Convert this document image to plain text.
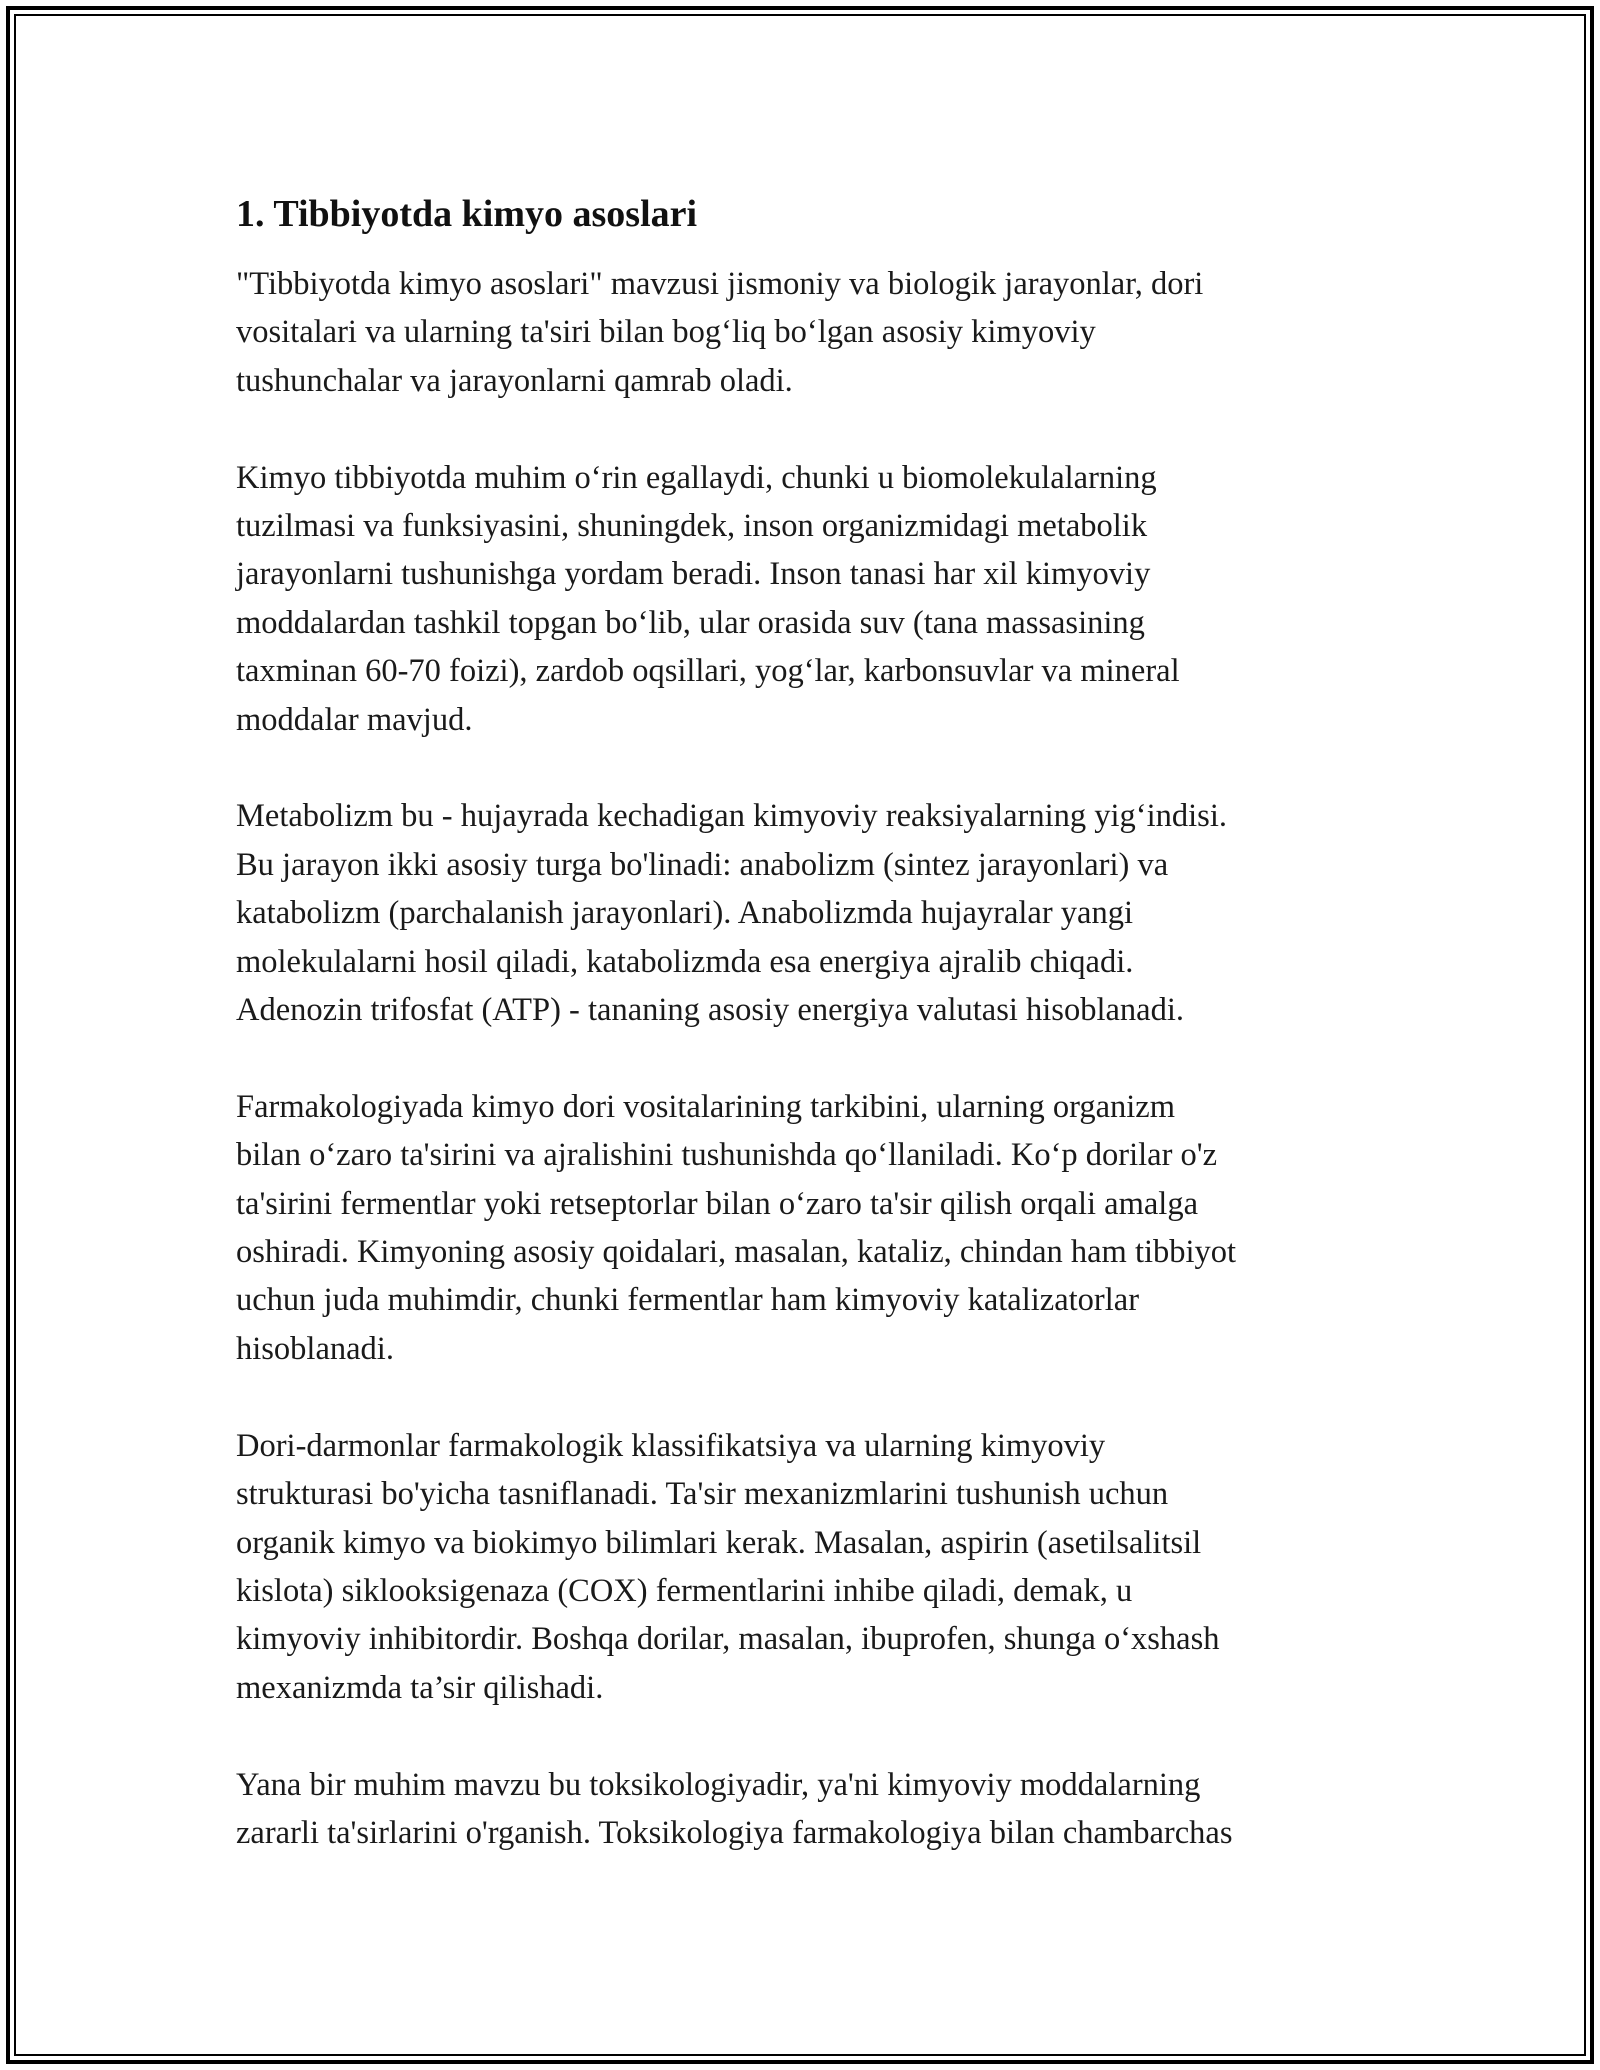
1. Tibbiyotda kimyo asoslari

"Tibbiyotda kimyo asoslari" mavzusi jismoniy va biologik jarayonlar, dori
vositalari va ularning ta'siri bilan bog‘liq bo‘lgan asosiy kimyoviy
tushunchalar va jarayonlarni qamrab oladi.

Kimyo tibbiyotda muhim o‘rin egallaydi, chunki u biomolekulalarning
tuzilmasi va funksiyasini, shuningdek, inson organizmidagi metabolik
jarayonlarni tushunishga yordam beradi. Inson tanasi har xil kimyoviy
moddalardan tashkil topgan bo‘lib, ular orasida suv (tana massasining
taxminan 60-70 foizi), zardob oqsillari, yog‘lar, karbonsuvlar va mineral
moddalar mavjud.

Metabolizm bu - hujayrada kechadigan kimyoviy reaksiyalarning yig‘indisi.
Bu jarayon ikki asosiy turga bo'linadi: anabolizm (sintez jarayonlari) va
katabolizm (parchalanish jarayonlari). Anabolizmda hujayralar yangi
molekulalarni hosil qiladi, katabolizmda esa energiya ajralib chiqadi.
Adenozin trifosfat (ATP) - tananing asosiy energiya valutasi hisoblanadi.

Farmakologiyada kimyo dori vositalarining tarkibini, ularning organizm
bilan o‘zaro ta'sirini va ajralishini tushunishda qo‘llaniladi. Ko‘p dorilar o'z
ta'sirini fermentlar yoki retseptorlar bilan o‘zaro ta'sir qilish orqali amalga
oshiradi. Kimyoning asosiy qoidalari, masalan, kataliz, chindan ham tibbiyot
uchun juda muhimdir, chunki fermentlar ham kimyoviy katalizatorlar
hisoblanadi.

Dori-darmonlar farmakologik klassifikatsiya va ularning kimyoviy
strukturasi bo'yicha tasniflanadi. Ta'sir mexanizmlarini tushunish uchun
organik kimyo va biokimyo bilimlari kerak. Masalan, aspirin (asetilsalitsil
kislota) siklooksigenaza (COX) fermentlarini inhibe qiladi, demak, u
kimyoviy inhibitordir. Boshqa dorilar, masalan, ibuprofen, shunga o‘xshash
mexanizmda ta’sir qilishadi.

Yana bir muhim mavzu bu toksikologiyadir, ya'ni kimyoviy moddalarning
zararli ta'sirlarini o'rganish. Toksikologiya farmakologiya bilan chambarchas
